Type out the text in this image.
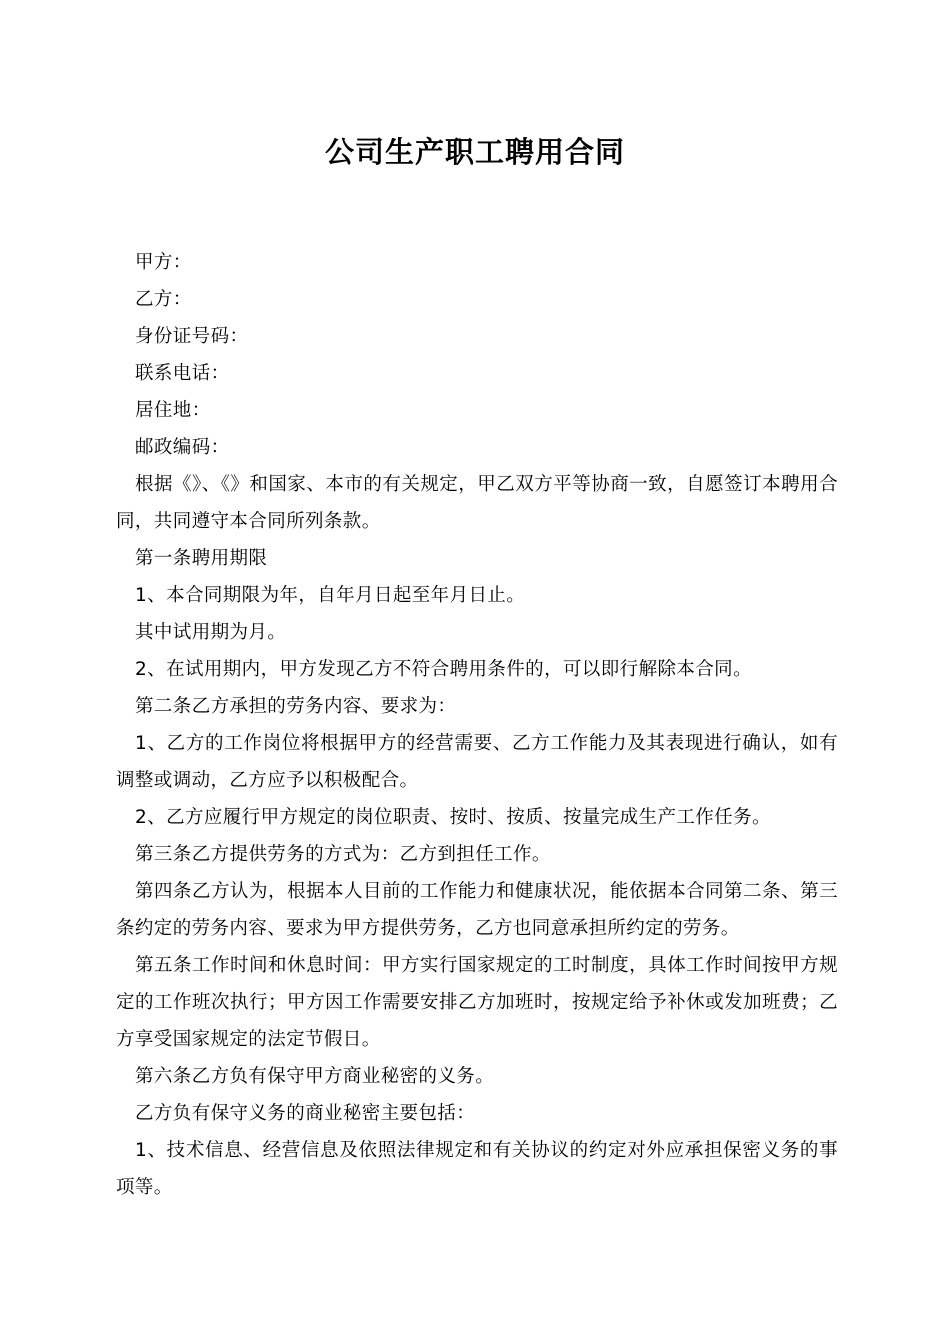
公司生产职工聘用合同

甲方：

乙方：

身份证号码：

联系电话：

居住地：

邮政编码：

根据《》、《》和国家、本市的有关规定，甲乙双方平等协商一致，自愿签订本聘用合同，共同遵守本合同所列条款。

第一条聘用期限

1、本合同期限为年，自年月日起至年月日止。

其中试用期为月。

2、在试用期内，甲方发现乙方不符合聘用条件的，可以即行解除本合同。

第二条乙方承担的劳务内容、要求为：

1、乙方的工作岗位将根据甲方的经营需要、乙方工作能力及其表现进行确认，如有调整或调动，乙方应予以积极配合。

2、乙方应履行甲方规定的岗位职责、按时、按质、按量完成生产工作任务。

第三条乙方提供劳务的方式为：乙方到担任工作。

第四条乙方认为，根据本人目前的工作能力和健康状况，能依据本合同第二条、第三条约定的劳务内容、要求为甲方提供劳务，乙方也同意承担所约定的劳务。

第五条工作时间和休息时间：甲方实行国家规定的工时制度，具体工作时间按甲方规定的工作班次执行；甲方因工作需要安排乙方加班时，按规定给予补休或发加班费；乙方享受国家规定的法定节假日。

第六条乙方负有保守甲方商业秘密的义务。

乙方负有保守义务的商业秘密主要包括：

1、技术信息、经营信息及依照法律规定和有关协议的约定对外应承担保密义务的事项等。
